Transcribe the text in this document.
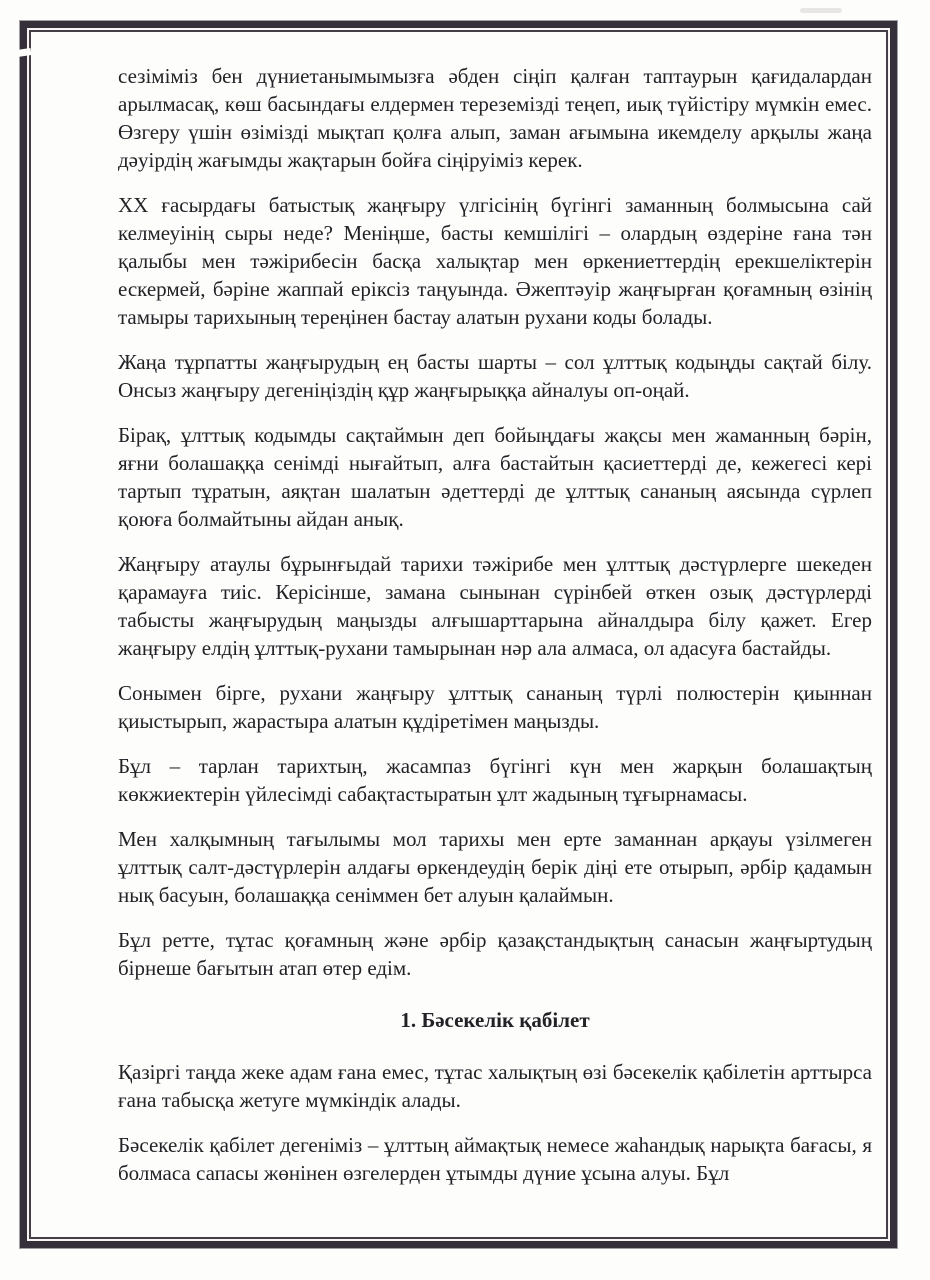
сезіміміз бен дүниетанымымызға әбден сіңіп қалған таптаурын қағидалардан арылмасақ, көш басындағы елдермен тереземізді теңеп, иық түйістіру мүмкін емес. Өзгеру үшін өзімізді мықтап қолға алып, заман ағымына икемделу арқылы жаңа дәуірдің жағымды жақтарын бойға сіңіруіміз керек.

ХХ ғасырдағы батыстық жаңғыру үлгісінің бүгінгі заманның болмысына сай келмеуінің сыры неде? Меніңше, басты кемшілігі – олардың өздеріне ғана тән қалыбы мен тәжірибесін басқа халықтар мен өркениеттердің ерекшеліктерін ескермей, бәріне жаппай еріксіз таңуында. Әжептәуір жаңғырған қоғамның өзінің тамыры тарихының тереңінен бастау алатын рухани коды болады.

Жаңа тұрпатты жаңғырудың ең басты шарты – сол ұлттық кодыңды сақтай білу. Онсыз жаңғыру дегеніңіздің құр жаңғырыққа айналуы оп-оңай.

Бірақ, ұлттық кодымды сақтаймын деп бойыңдағы жақсы мен жаманның бәрін, яғни болашаққа сенімді нығайтып, алға бастайтын қасиеттерді де, кежегесі кері тартып тұратын, аяқтан шалатын әдеттерді де ұлттық сананың аясында сүрлеп қоюға болмайтыны айдан анық.

Жаңғыру атаулы бұрынғыдай тарихи тәжірибе мен ұлттық дәстүрлерге шекеден қарамауға тиіс. Керісінше, замана сынынан сүрінбей өткен озық дәстүрлерді табысты жаңғырудың маңызды алғышарттарына айналдыра білу қажет. Егер жаңғыру елдің ұлттық-рухани тамырынан нәр ала алмаса, ол адасуға бастайды.

Сонымен бірге, рухани жаңғыру ұлттық сананың түрлі полюстерін қиыннан қиыстырып, жарастыра алатын құдіретімен маңызды.

Бұл – тарлан тарихтың, жасампаз бүгінгі күн мен жарқын болашақтың көкжиектерін үйлесімді сабақтастыратын ұлт жадының тұғырнамасы.

Мен халқымның тағылымы мол тарихы мен ерте заманнан арқауы үзілмеген ұлттық салт-дәстүрлерін алдағы өркендеудің берік діңі ете отырып, әрбір қадамын нық басуын, болашаққа сеніммен бет алуын қалаймын.

Бұл ретте, тұтас қоғамның және әрбір қазақстандықтың санасын жаңғыртудың бірнеше бағытын атап өтер едім.

1. Бәсекелік қабілет

Қазіргі таңда жеке адам ғана емес, тұтас халықтың өзі бәсекелік қабілетін арттырса ғана табысқа жетуге мүмкіндік алады.

Бәсекелік қабілет дегеніміз – ұлттың аймақтық немесе жаһандық нарықта бағасы, я болмаса сапасы жөнінен өзгелерден ұтымды дүние ұсына алуы. Бұл
